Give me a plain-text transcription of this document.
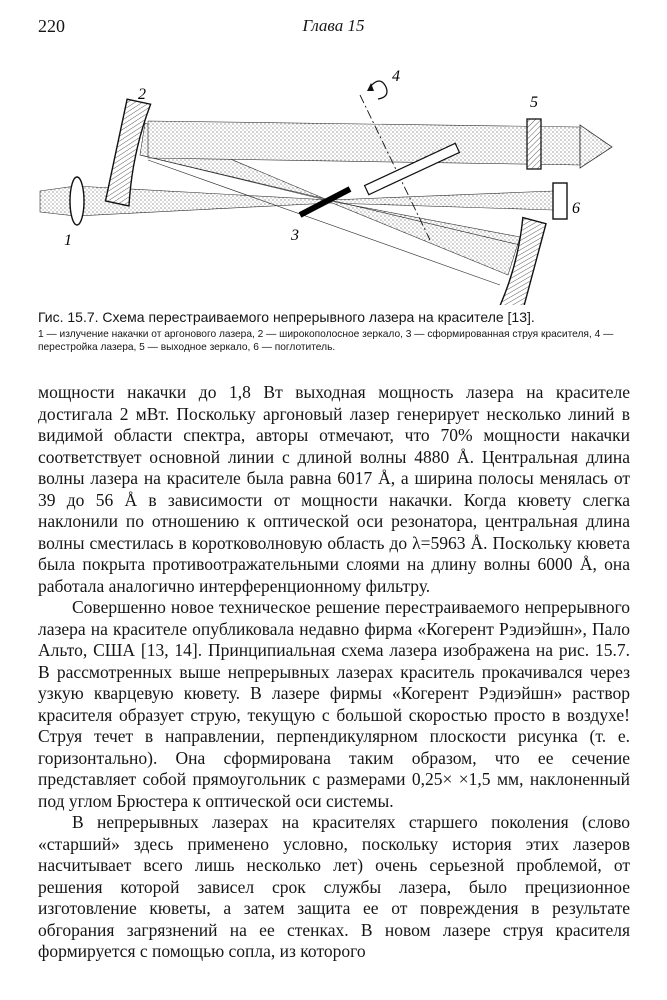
220	Глава 15
1
2
3
4
5
6

Гис. 15.7. Схема перестраиваемого непрерывного лазера на красителе [13].

1 — излучение накачки от аргонового лазера, 2 — широкополосное зеркало, 3 — сформированная струя красителя, 4 — перестройка лазера, 5 — выходное зеркало, 6 — поглотитель.

мощности накачки до 1,8 Вт выходная мощность лазера на красителе достигала 2 мВт. Поскольку аргоновый лазер генерирует несколько линий в видимой области спектра, авторы отмечают, что 70% мощности накачки соответствует основной линии с длиной волны 4880 Å. Центральная длина волны лазера на красителе была равна 6017 Å, а ширина полосы менялась от 39 до 56 Å в зависимости от мощности накачки. Когда кювету слегка наклонили по отношению к оптической оси резонатора, центральная длина волны сместилась в коротковолновую область до λ=5963 Å. Поскольку кювета была покрыта противоотражательными слоями на длину волны 6000 Å, она работала аналогично интерференционному фильтру.

Совершенно новое техническое решение перестраиваемого непрерывного лазера на красителе опубликовала недавно фирма «Когерент Рэдиэйшн», Пало Альто, США [13, 14]. Принципиальная схема лазера изображена на рис. 15.7. В рассмотренных выше непрерывных лазерах краситель прокачивался через узкую кварцевую кювету. В лазере фирмы «Когерент Рэдиэйшн» раствор красителя образует струю, текущую с большой скоростью просто в воздухе! Струя течет в направлении, перпендикулярном плоскости рисунка (т. е. горизонтально). Она сформирована таким образом, что ее сечение представляет собой прямоугольник с размерами 0,25× ×1,5 мм, наклоненный под углом Брюстера к оптической оси системы.

В непрерывных лазерах на красителях старшего поколения (слово «старший» здесь применено условно, поскольку история этих лазеров насчитывает всего лишь несколько лет) очень серьезной проблемой, от решения которой зависел срок службы лазера, было прецизионное изготовление кюветы, а затем защита ее от повреждения в результате обгорания загрязнений на ее стенках. В новом лазере струя красителя формируется с помощью сопла, из которого
